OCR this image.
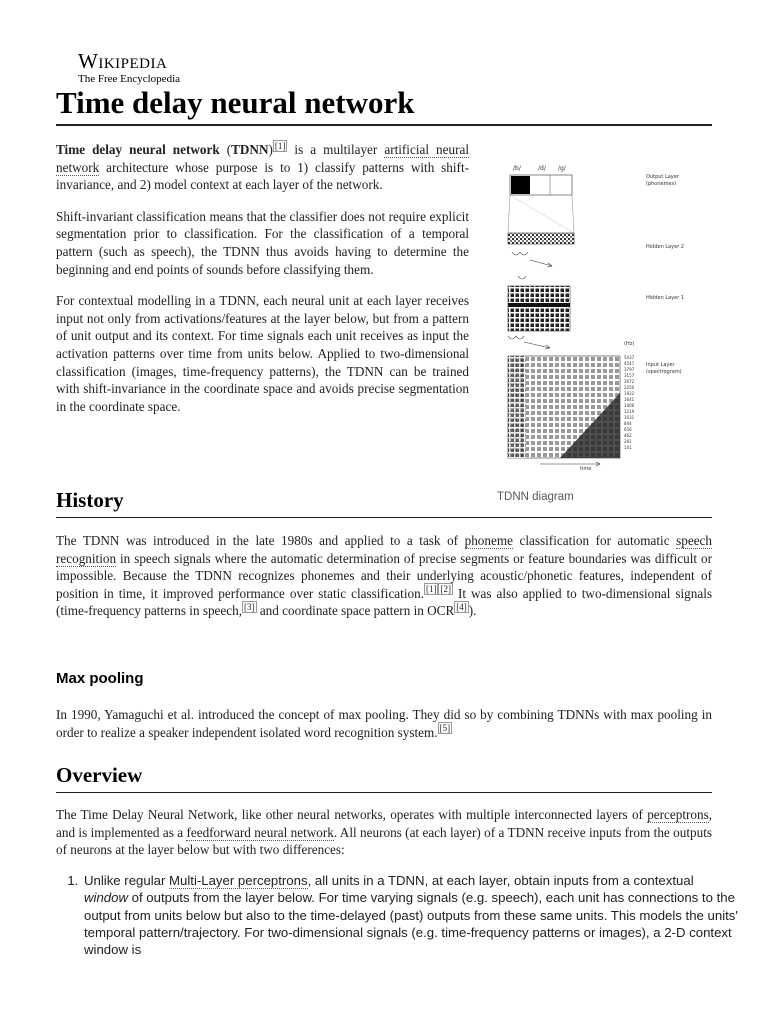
Wikipedia
The Free Encyclopedia
Time delay neural network

Time delay neural network (TDNN) [1] is a multilayer artificial neural network architecture whose purpose is to 1) classify patterns with shift-invariance, and 2) model context at each layer of the network.

Shift-invariant classification means that the classifier does not require explicit segmentation prior to classification. For the classification of a temporal pattern (such as speech), the TDNN thus avoids having to determine the beginning and end points of sounds before classifying them.

For contextual modelling in a TDNN, each neural unit at each layer receives input not only from activations/features at the layer below, but from a pattern of unit output and its context. For time signals each unit receives as input the activation patterns over time from units below. Applied to two-dimensional classification (images, time-frequency patterns), the TDNN can be trained with shift-invariance in the coordinate space and avoids precise segmentation in the coordinate space.

/b/	/d/ /g/
Output Layer
(phonemes)
Hidden Layer 2
Hidden Layer 1
(Hz)
Input Layer
(spectrogram)
5437
4547
3797
3157
2672
2250
1922
1641
1406
1219
1031
844
656
462
281
141
time
TDNN diagram
History

The TDNN was introduced in the late 1980s and applied to a task of phoneme classification for automatic speech recognition in speech signals where the automatic determination of precise segments or feature boundaries was difficult or impossible. Because the TDNN recognizes phonemes and their underlying acoustic/phonetic features, independent of position in time, it improved performance over static classification. [1] [2] It was also applied to two-dimensional signals (time-frequency patterns in speech, [3] and coordinate space pattern in OCR [4] ).

Max pooling

In 1990, Yamaguchi et al. introduced the concept of max pooling. They did so by combining TDNNs with max pooling in order to realize a speaker independent isolated word recognition system. [5]

Overview

The Time Delay Neural Network, like other neural networks, operates with multiple interconnected layers of perceptrons, and is implemented as a feedforward neural network. All neurons (at each layer) of a TDNN receive inputs from the outputs of neurons at the layer below but with two differences:

1. Unlike regular Multi-Layer perceptrons, all units in a TDNN, at each layer, obtain inputs from a contextual window of outputs from the layer below. For time varying signals (e.g. speech), each unit has connections to the output from units below but also to the time-delayed (past) outputs from these same units. This models the units' temporal pattern/trajectory. For two-dimensional signals (e.g. time-frequency patterns or images), a 2-D context window is
